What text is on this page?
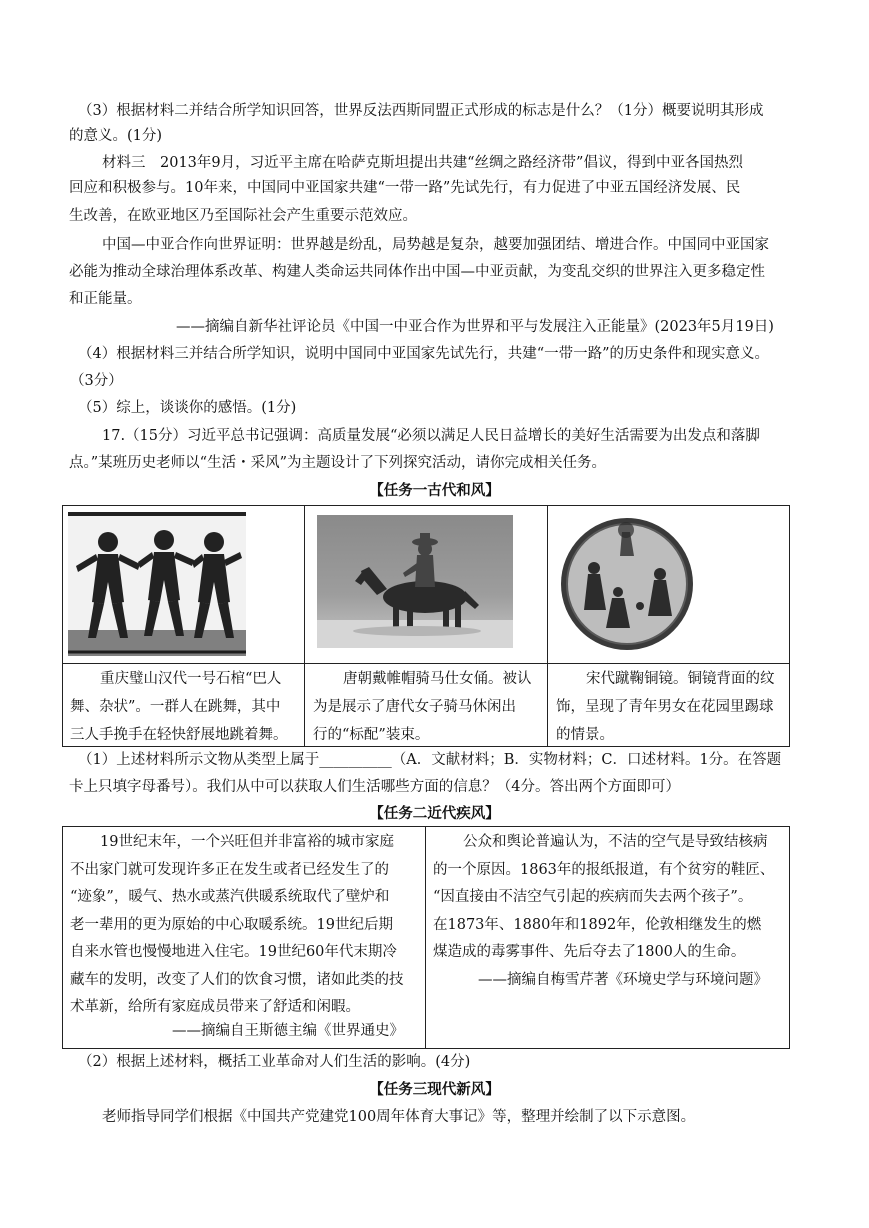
（3）根据材料二并结合所学知识回答，世界反法西斯同盟正式形成的标志是什么？（1分）概要说明其形成
的意义。(1分)
材料三　2013年9月，习近平主席在哈萨克斯坦提出共建“丝绸之路经济带”倡议，得到中亚各国热烈
回应和积极参与。10年来，中国同中亚国家共建“一带一路”先试先行，有力促进了中亚五国经济发展、民
生改善，在欧亚地区乃至国际社会产生重要示范效应。
中国—中亚合作向世界证明：世界越是纷乱，局势越是复杂，越要加强团结、增进合作。中国同中亚国家
必能为推动全球治理体系改革、构建人类命运共同体作出中国—中亚贡献，为变乱交织的世界注入更多稳定性
和正能量。
——摘编自新华社评论员《中国一中亚合作为世界和平与发展注入正能量》(2023年5月19日)
（4）根据材料三并结合所学知识，说明中国同中亚国家先试先行，共建“一带一路”的历史条件和现实意义。
（3分）
（5）综上，谈谈你的感悟。(1分)
17.（15分）习近平总书记强调：高质量发展“必须以满足人民日益增长的美好生活需要为出发点和落脚
点。”某班历史老师以“生活・采风”为主题设计了下列探究活动，请你完成相关任务。
【任务一古代和风】
重庆璧山汉代一号石棺“巴人
舞、杂状”。一群人在跳舞，其中
三人手挽手在轻快舒展地跳着舞。
唐朝戴帷帽骑马仕女俑。被认
为是展示了唐代女子骑马休闲出
行的“标配”装束。
宋代蹴鞠铜镜。铜镜背面的纹
饰，呈现了青年男女在花园里踢球
的情景。
（1）上述材料所示文物从类型上属于__________（A．文献材料；B．实物材料；C．口述材料。1分。在答题
卡上只填字母番号）。我们从中可以获取人们生活哪些方面的信息？（4分。答出两个方面即可）
【任务二近代疾风】
19世纪末年，一个兴旺但并非富裕的城市家庭
不出家门就可发现许多正在发生或者已经发生了的
“迹象”，暖气、热水或蒸汽供暖系统取代了壁炉和
老一辈用的更为原始的中心取暖系统。19世纪后期
自来水管也慢慢地进入住宅。19世纪60年代末期冷
藏车的发明，改变了人们的饮食习惯，诸如此类的技
术革新，给所有家庭成员带来了舒适和闲暇。
——摘编自王斯德主编《世界通史》
公众和舆论普遍认为，不洁的空气是导致结核病
的一个原因。1863年的报纸报道，有个贫穷的鞋匠、
“因直接由不洁空气引起的疾病而失去两个孩子”。
在1873年、1880年和1892年，伦敦相继发生的燃
煤造成的毒雾事件、先后夺去了1800人的生命。
——摘编自梅雪芹著《环境史学与环境问题》
（2）根据上述材料，概括工业革命对人们生活的影响。(4分)
【任务三现代新风】
老师指导同学们根据《中国共产党建党100周年体育大事记》等，整理并绘制了以下示意图。
